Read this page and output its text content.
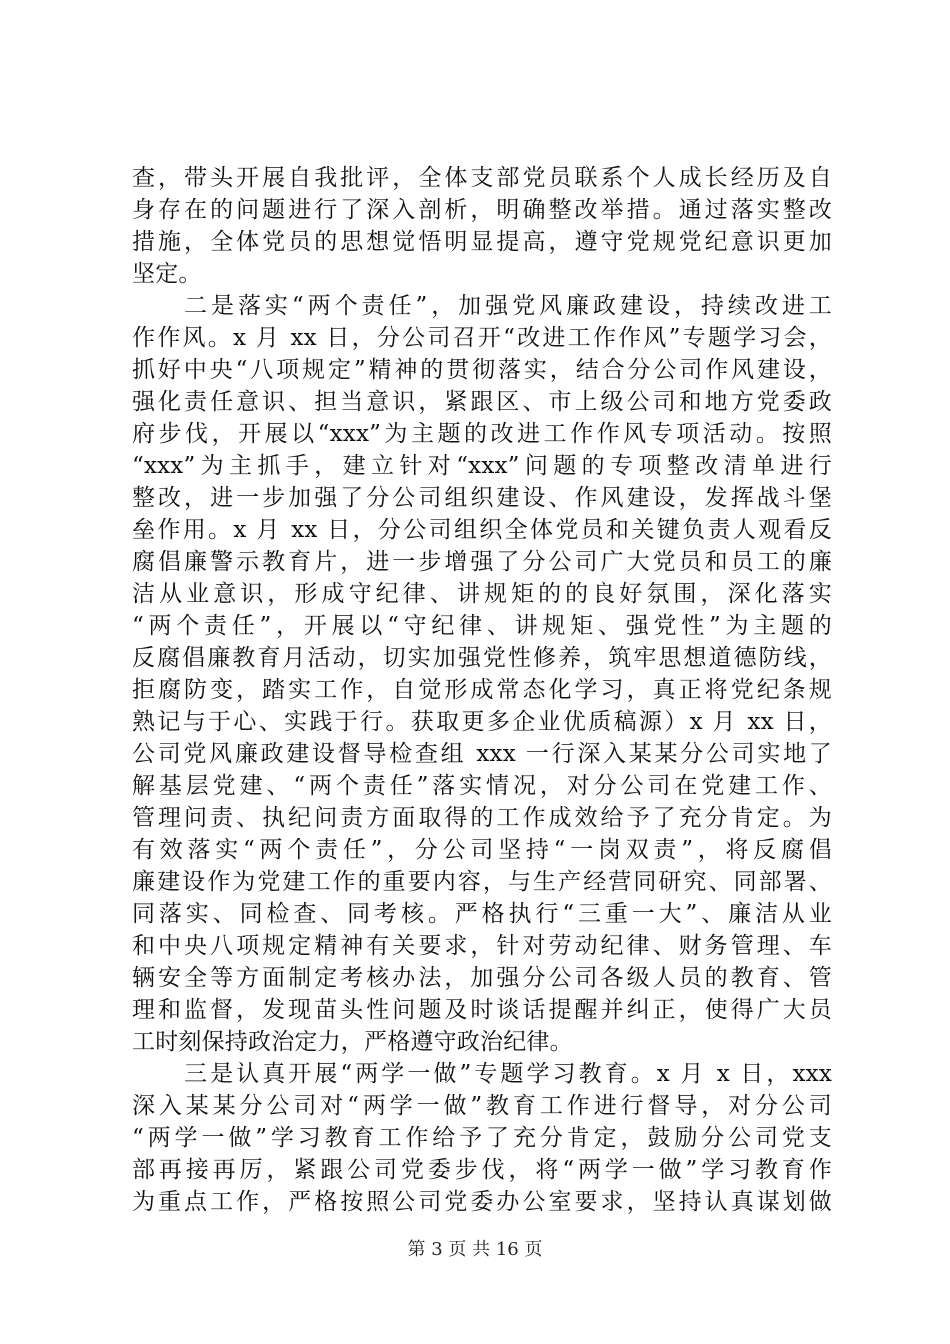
查，带头开展自我批评，全体支部党员联系个人成长经历及自
身存在的问题进行了深入剖析，明确整改举措。通过落实整改
措施，全体党员的思想觉悟明显提高，遵守党规党纪意识更加
坚定。
二是落实“两个责任”，加强党风廉政建设，持续改进工
作作风。x 月 xx 日，分公司召开“改进工作作风”专题学习会，
抓好中央“八项规定”精神的贯彻落实，结合分公司作风建设，
强化责任意识、担当意识，紧跟区、市上级公司和地方党委政
府步伐，开展以“xxx”为主题的改进工作作风专项活动。按照
“xxx”为主抓手，建立针对“xxx”问题的专项整改清单进行
整改，进一步加强了分公司组织建设、作风建设，发挥战斗堡
垒作用。x 月 xx 日，分公司组织全体党员和关键负责人观看反
腐倡廉警示教育片，进一步增强了分公司广大党员和员工的廉
洁从业意识，形成守纪律、讲规矩的的良好氛围，深化落实
“两个责任”，开展以“守纪律、讲规矩、强党性”为主题的
反腐倡廉教育月活动，切实加强党性修养，筑牢思想道德防线，
拒腐防变，踏实工作，自觉形成常态化学习，真正将党纪条规
熟记与于心、实践于行。获取更多企业优质稿源）x 月 xx 日，
公司党风廉政建设督导检查组 xxx 一行深入某某分公司实地了
解基层党建、“两个责任”落实情况，对分公司在党建工作、
管理问责、执纪问责方面取得的工作成效给予了充分肯定。为
有效落实“两个责任”，分公司坚持“一岗双责”，将反腐倡
廉建设作为党建工作的重要内容，与生产经营同研究、同部署、
同落实、同检查、同考核。严格执行“三重一大”、廉洁从业
和中央八项规定精神有关要求，针对劳动纪律、财务管理、车
辆安全等方面制定考核办法，加强分公司各级人员的教育、管
理和监督，发现苗头性问题及时谈话提醒并纠正，使得广大员
工时刻保持政治定力，严格遵守政治纪律。
三是认真开展“两学一做”专题学习教育。x 月 x 日，xxx
深入某某分公司对“两学一做”教育工作进行督导，对分公司
“两学一做”学习教育工作给予了充分肯定，鼓励分公司党支
部再接再厉，紧跟公司党委步伐，将“两学一做”学习教育作
为重点工作，严格按照公司党委办公室要求，坚持认真谋划做
第 3 页 共 16 页
